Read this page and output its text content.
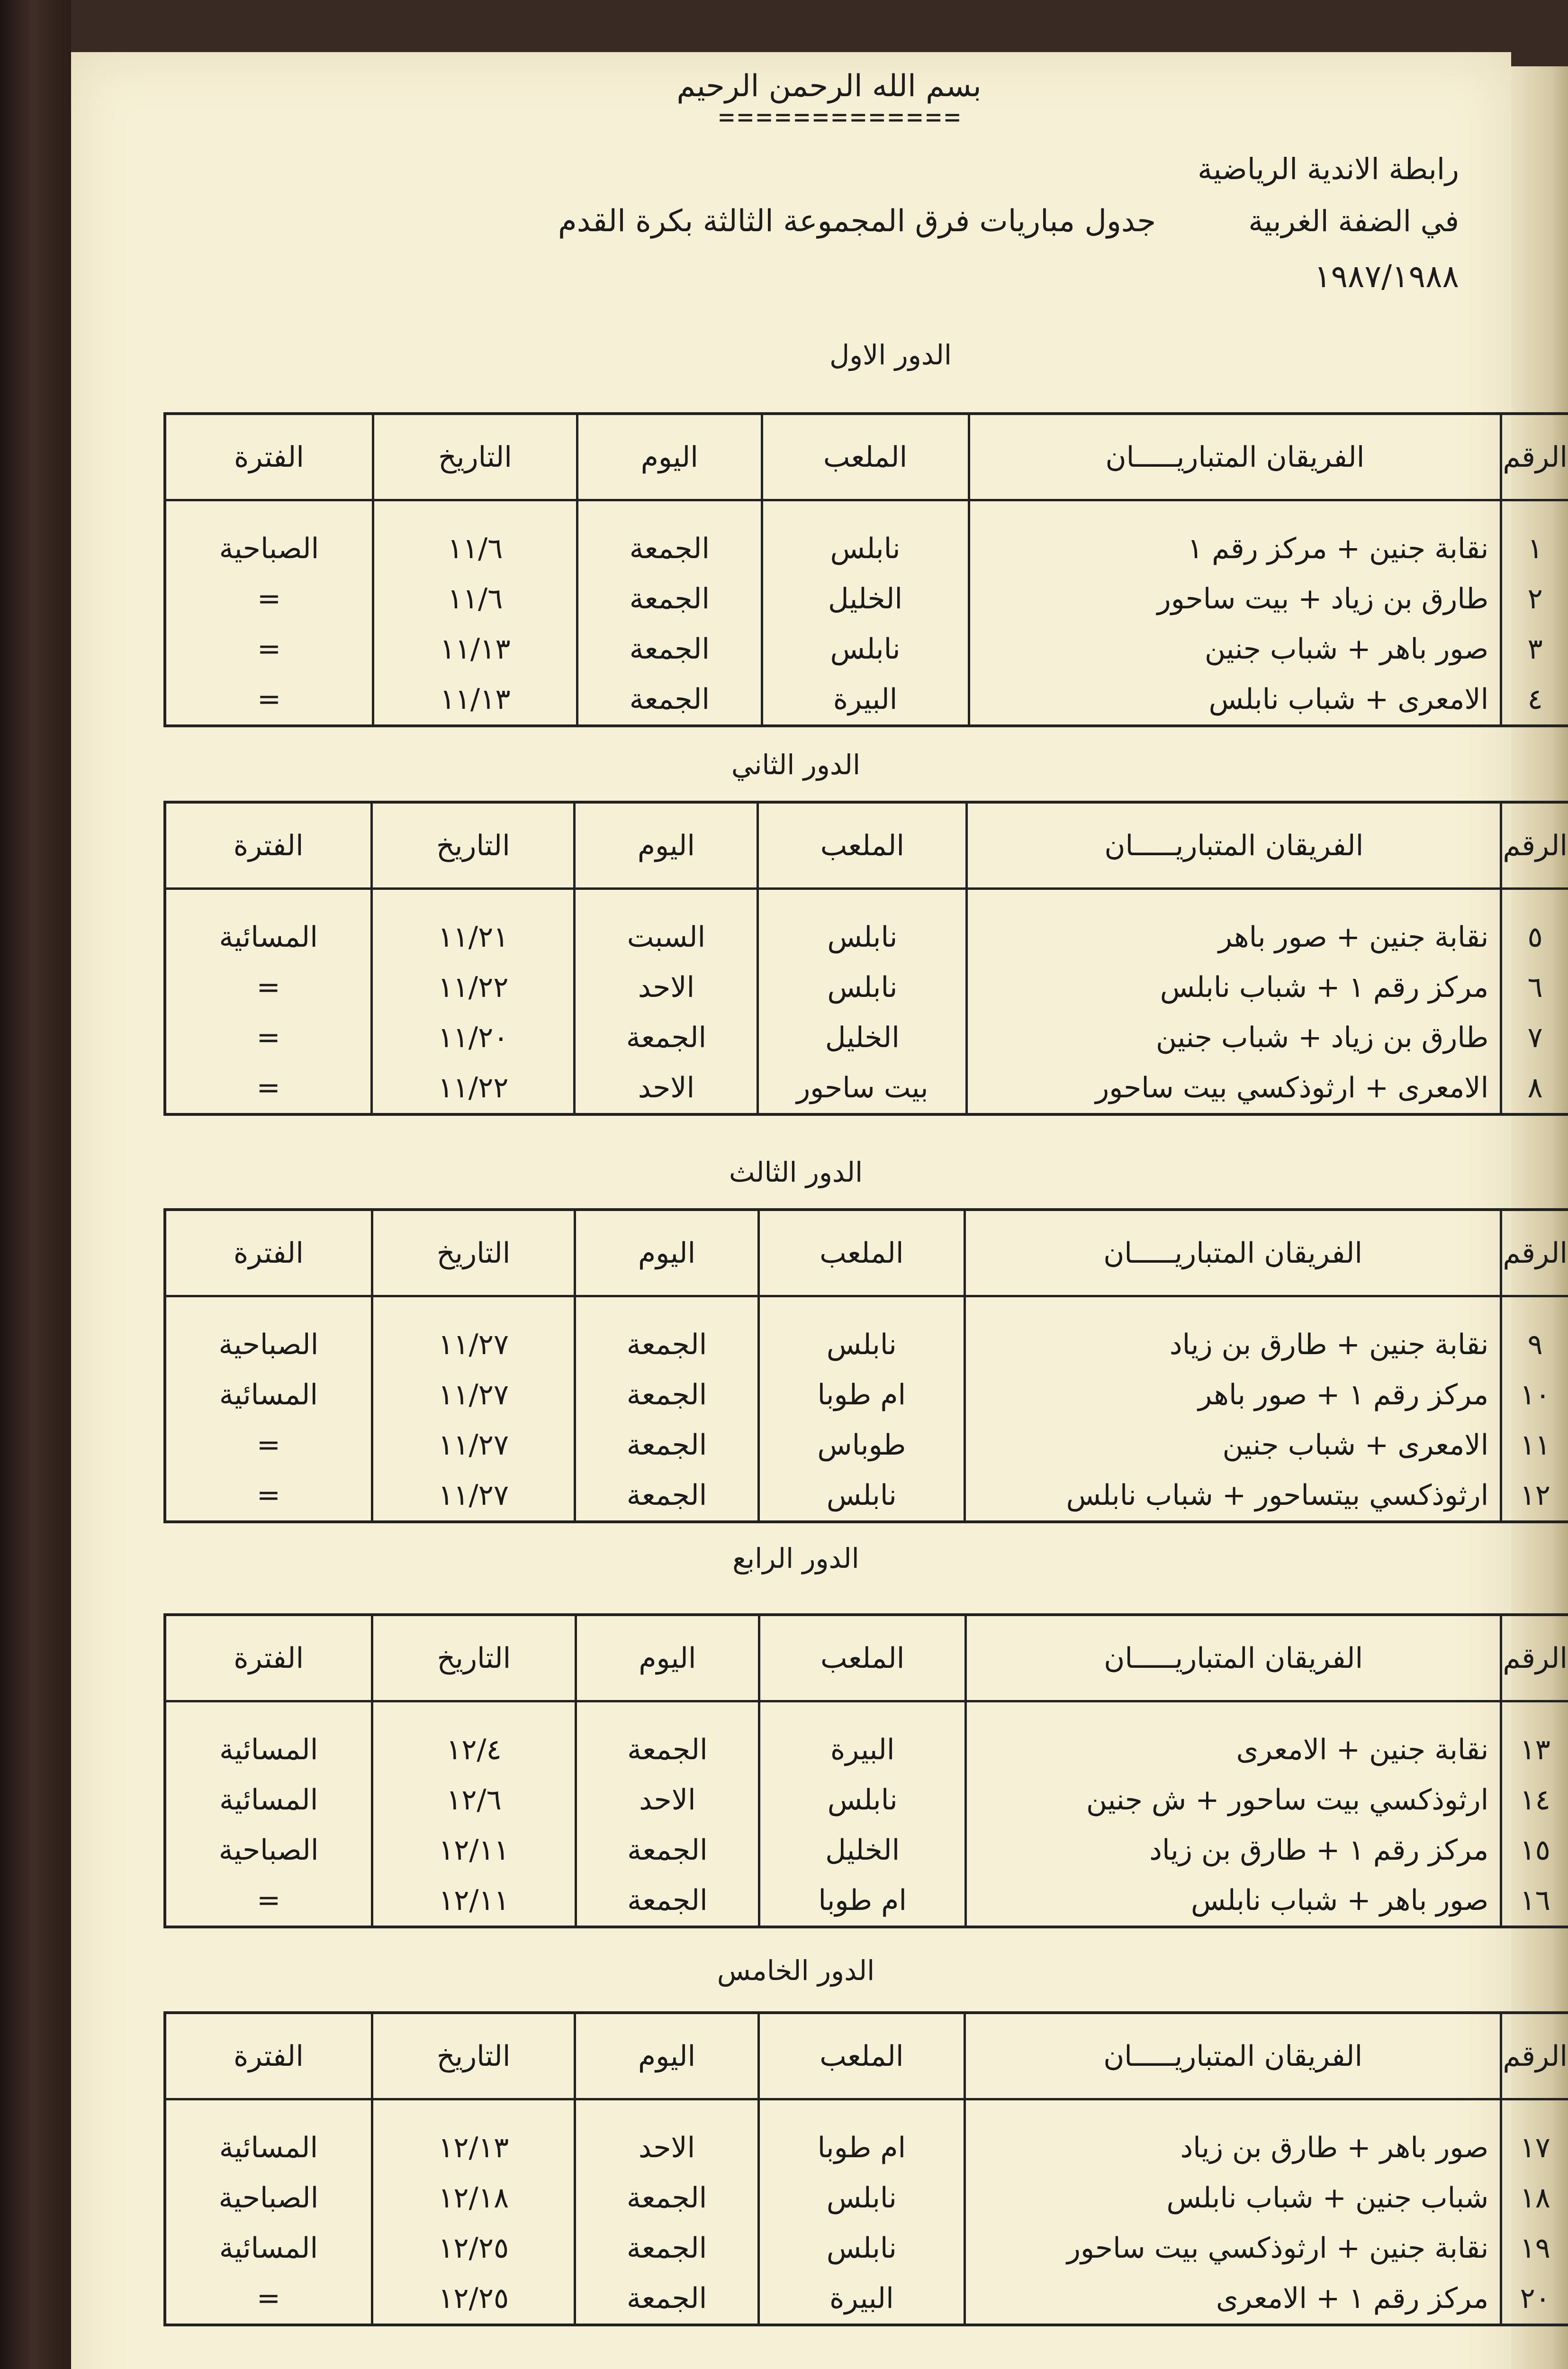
بسم الله الرحمن الرحيم
=============
رابطة الاندية الرياضية
في الضفة الغربية
١٩٨٧/١٩٨٨
جدول مباريات فرق المجموعة الثالثة بكرة القدم
الدور الاول
الرقم	الفريقان المتباريـــــان	الملعب	اليوم	التاريخ	الفترة
١	نقابة جنين + مركز رقم ١	نابلس	الجمعة	١١/٦	الصباحية
٢	طارق بن زياد + بيت ساحور	الخليل	الجمعة	١١/٦	=
٣	صور باهر + شباب جنين	نابلس	الجمعة	١١/١٣	=
٤	الامعرى + شباب نابلس	البيرة	الجمعة	١١/١٣	=
الدور الثاني
الرقم	الفريقان المتباريـــــان	الملعب	اليوم	التاريخ	الفترة
٥	نقابة جنين + صور باهر	نابلس	السبت	١١/٢١	المسائية
٦	مركز رقم ١ + شباب نابلس	نابلس	الاحد	١١/٢٢	=
٧	طارق بن زياد + شباب جنين	الخليل	الجمعة	١١/٢٠	=
٨	الامعرى + ارثوذكسي بيت ساحور	بيت ساحور	الاحد	١١/٢٢	=
الدور الثالث
الرقم	الفريقان المتباريـــــان	الملعب	اليوم	التاريخ	الفترة
٩	نقابة جنين + طارق بن زياد	نابلس	الجمعة	١١/٢٧	الصباحية
١٠	مركز رقم ١ + صور باهر	ام طوبا	الجمعة	١١/٢٧	المسائية
١١	الامعرى + شباب جنين	طوباس	الجمعة	١١/٢٧	=
١٢	ارثوذكسي بيتساحور + شباب نابلس	نابلس	الجمعة	١١/٢٧	=
الدور الرابع
الرقم	الفريقان المتباريـــــان	الملعب	اليوم	التاريخ	الفترة
١٣	نقابة جنين + الامعرى	البيرة	الجمعة	١٢/٤	المسائية
١٤	ارثوذكسي بيت ساحور + ش جنين	نابلس	الاحد	١٢/٦	المسائية
١٥	مركز رقم ١ + طارق بن زياد	الخليل	الجمعة	١٢/١١	الصباحية
١٦	صور باهر + شباب نابلس	ام طوبا	الجمعة	١٢/١١	=
الدور الخامس
الرقم	الفريقان المتباريـــــان	الملعب	اليوم	التاريخ	الفترة
١٧	صور باهر + طارق بن زياد	ام طوبا	الاحد	١٢/١٣	المسائية
١٨	شباب جنين + شباب نابلس	نابلس	الجمعة	١٢/١٨	الصباحية
١٩	نقابة جنين + ارثوذكسي بيت ساحور	نابلس	الجمعة	١٢/٢٥	المسائية
٢٠	مركز رقم ١ + الامعرى	البيرة	الجمعة	١٢/٢٥	=
